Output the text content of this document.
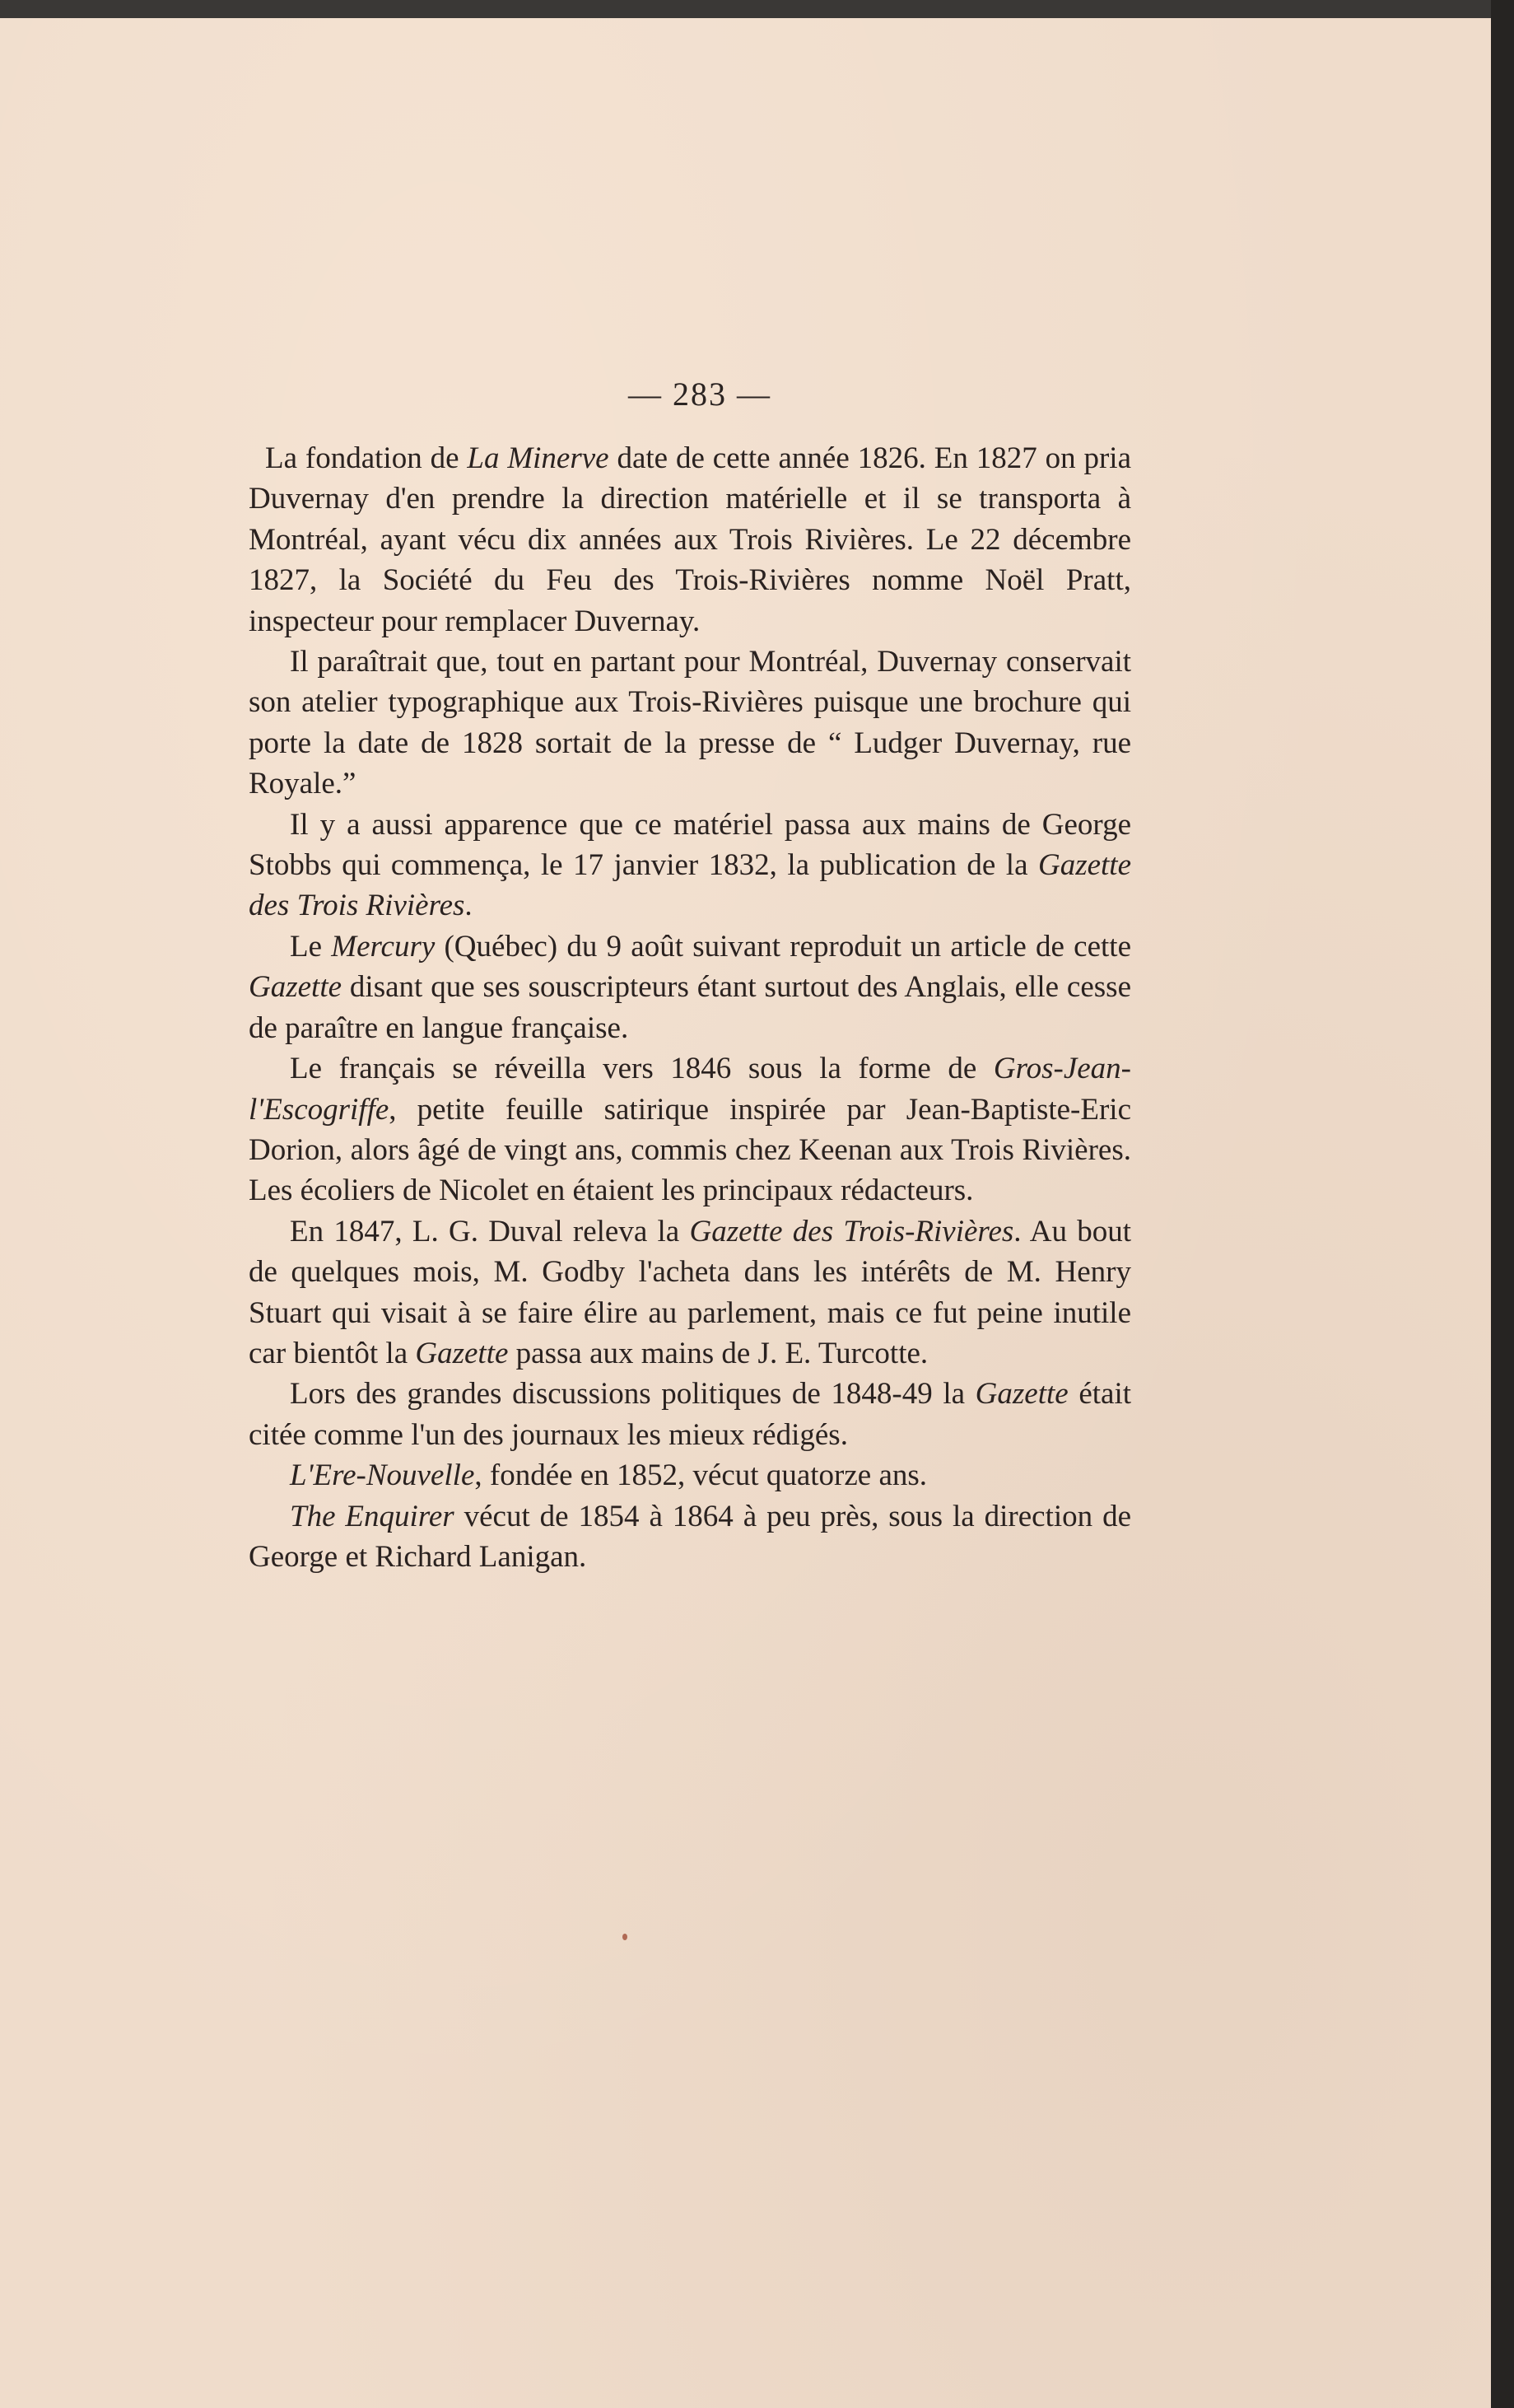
— 283 —

La fondation de La Minerve date de cette année 1826. En 1827 on pria Duvernay d'en prendre la direction matérielle et il se transporta à Montréal, ayant vécu dix années aux Trois Rivières. Le 22 décembre 1827, la Société du Feu des Trois-Rivières nomme Noël Pratt, inspecteur pour remplacer Duvernay.

Il paraîtrait que, tout en partant pour Montréal, Duvernay conservait son atelier typographique aux Trois-Rivières puisque une brochure qui porte la date de 1828 sortait de la presse de “ Ludger Duvernay, rue Royale.”

Il y a aussi apparence que ce matériel passa aux mains de George Stobbs qui commença, le 17 janvier 1832, la publication de la Gazette des Trois Rivières.

Le Mercury (Québec) du 9 août suivant reproduit un article de cette Gazette disant que ses souscripteurs étant surtout des Anglais, elle cesse de paraître en langue française.

Le français se réveilla vers 1846 sous la forme de Gros-Jean-l'Escogriffe, petite feuille satirique inspirée par Jean-Baptiste-Eric Dorion, alors âgé de vingt ans, commis chez Keenan aux Trois Rivières. Les écoliers de Nicolet en étaient les principaux rédacteurs.

En 1847, L. G. Duval releva la Gazette des Trois-Rivières. Au bout de quelques mois, M. Godby l'acheta dans les intérêts de M. Henry Stuart qui visait à se faire élire au parlement, mais ce fut peine inutile car bientôt la Gazette passa aux mains de J. E. Turcotte.

Lors des grandes discussions politiques de 1848-49 la Gazette était citée comme l'un des journaux les mieux rédigés.

L'Ere-Nouvelle, fondée en 1852, vécut quatorze ans.

The Enquirer vécut de 1854 à 1864 à peu près, sous la direction de George et Richard Lanigan.
